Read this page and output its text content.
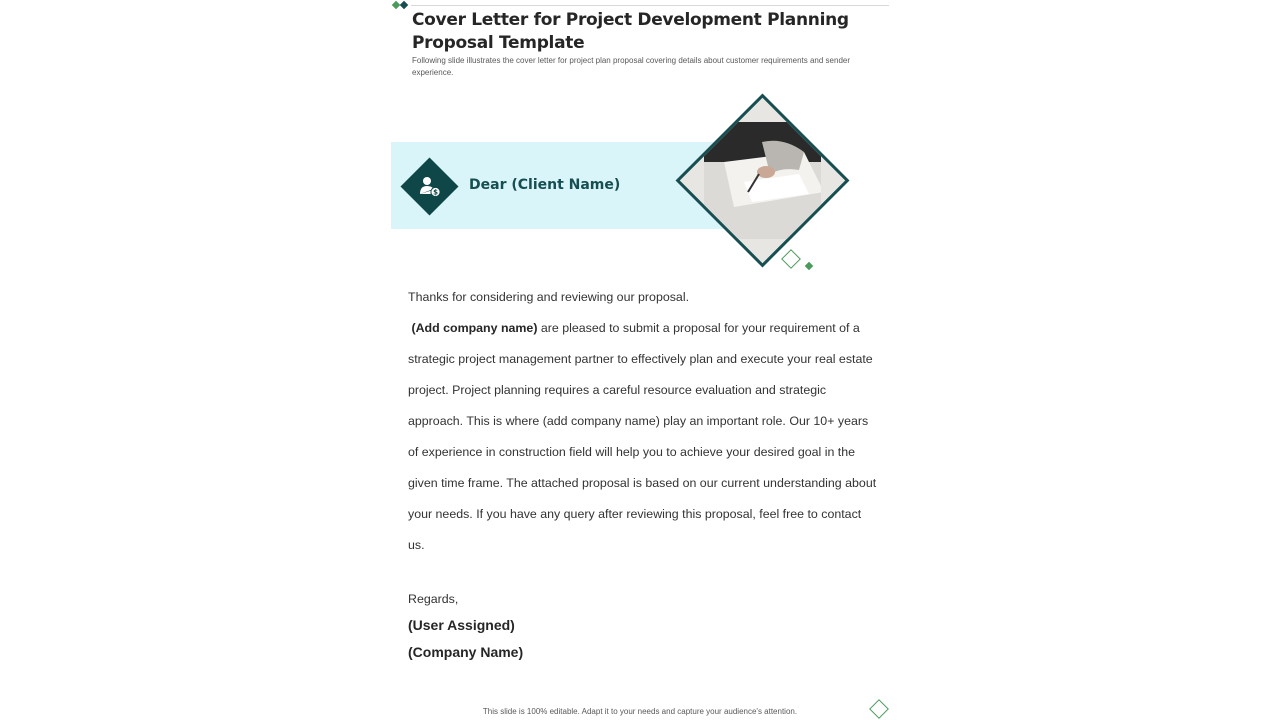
Cover Letter for Project Development Planning Proposal Template

Following slide illustrates the cover letter for project plan proposal covering details about customer requirements and sender experience.

$ Dear (Client Name)

Thanks for considering and reviewing our proposal.
(Add company name) are pleased to submit a proposal for your requirement of a strategic project management partner to effectively plan and execute your real estate project. Project planning requires a careful resource evaluation and strategic approach. This is where (add company name) play an important role. Our 10+ years of experience in construction field will help you to achieve your desired goal in the given time frame. The attached proposal is based on our current understanding about your needs. If you have any query after reviewing this proposal, feel free to contact us.

Regards,

(User Assigned)

(Company Name)

This slide is 100% editable. Adapt it to your needs and capture your audience's attention.
